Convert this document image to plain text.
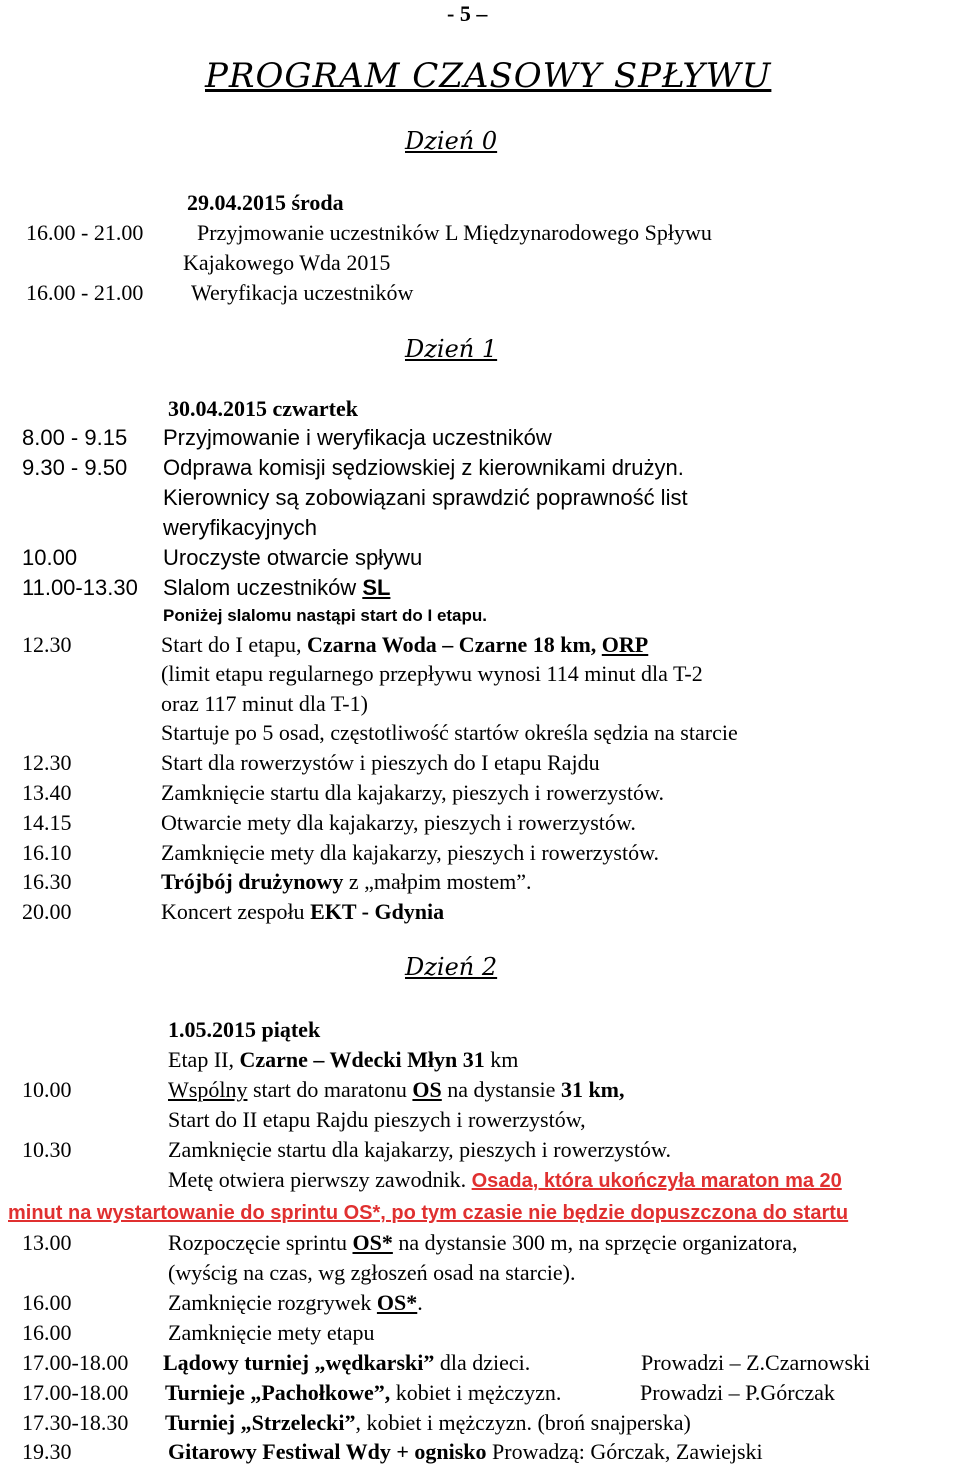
- 5 –
PROGRAM CZASOWY SPŁYWU
Dzień 0
29.04.2015 środa
16.00 - 21.00 Przyjmowanie uczestników L Międzynarodowego Spływu
Kajakowego Wda 2015
16.00 - 21.00 Weryfikacja uczestników
Dzień 1
30.04.2015 czwartek
8.00 - 9.15 Przyjmowanie i weryfikacja uczestników
9.30 - 9.50 Odprawa komisji sędziowskiej z kierownikami drużyn.
Kierownicy są zobowiązani sprawdzić poprawność list
weryfikacyjnych
10.00	Uroczyste otwarcie spływu
11.00-13.30 Slalom uczestników SL
Poniżej slalomu nastąpi start do I etapu.
12.30	Start do I etapu, Czarna Woda – Czarne 18 km, ORP
(limit etapu regularnego przepływu wynosi 114 minut dla T-2
oraz 117 minut dla T-1)
Startuje po 5 osad, częstotliwość startów określa sędzia na starcie
12.30	Start dla rowerzystów i pieszych do I etapu Rajdu
13.40	Zamknięcie startu dla kajakarzy, pieszych i rowerzystów.
14.15	Otwarcie mety dla kajakarzy, pieszych i rowerzystów.
16.10	Zamknięcie mety dla kajakarzy, pieszych i rowerzystów.
16.30	Trójbój drużynowy z „małpim mostem”.
20.00	Koncert zespołu EKT - Gdynia
Dzień 2
1.05.2015 piątek
Etap II, Czarne – Wdecki Młyn 31 km
10.00	Wspólny start do maratonu OS na dystansie 31 km,
Start do II etapu Rajdu pieszych i rowerzystów,
10.30	Zamknięcie startu dla kajakarzy, pieszych i rowerzystów.
Metę otwiera pierwszy zawodnik. Osada, która ukończyła maraton ma 20
minut na wystartowanie do sprintu OS*, po tym czasie nie będzie dopuszczona do startu
13.00	Rozpoczęcie sprintu OS* na dystansie 300 m, na sprzęcie organizatora,
(wyścig na czas, wg zgłoszeń osad na starcie).
16.00	Zamknięcie rozgrywek OS*.
16.00	Zamknięcie mety etapu
17.00-18.00 Lądowy turniej „wędkarski” dla dzieci.	Prowadzi – Z.Czarnowski
17.00-18.00 Turnieje „Pachołkowe”, kobiet i mężczyzn.	Prowadzi – P.Górczak
17.30-18.30 Turniej „Strzelecki”, kobiet i mężczyzn. (broń snajperska)
19.30	Gitarowy Festiwal Wdy + ognisko Prowadzą: Górczak, Zawiejski
